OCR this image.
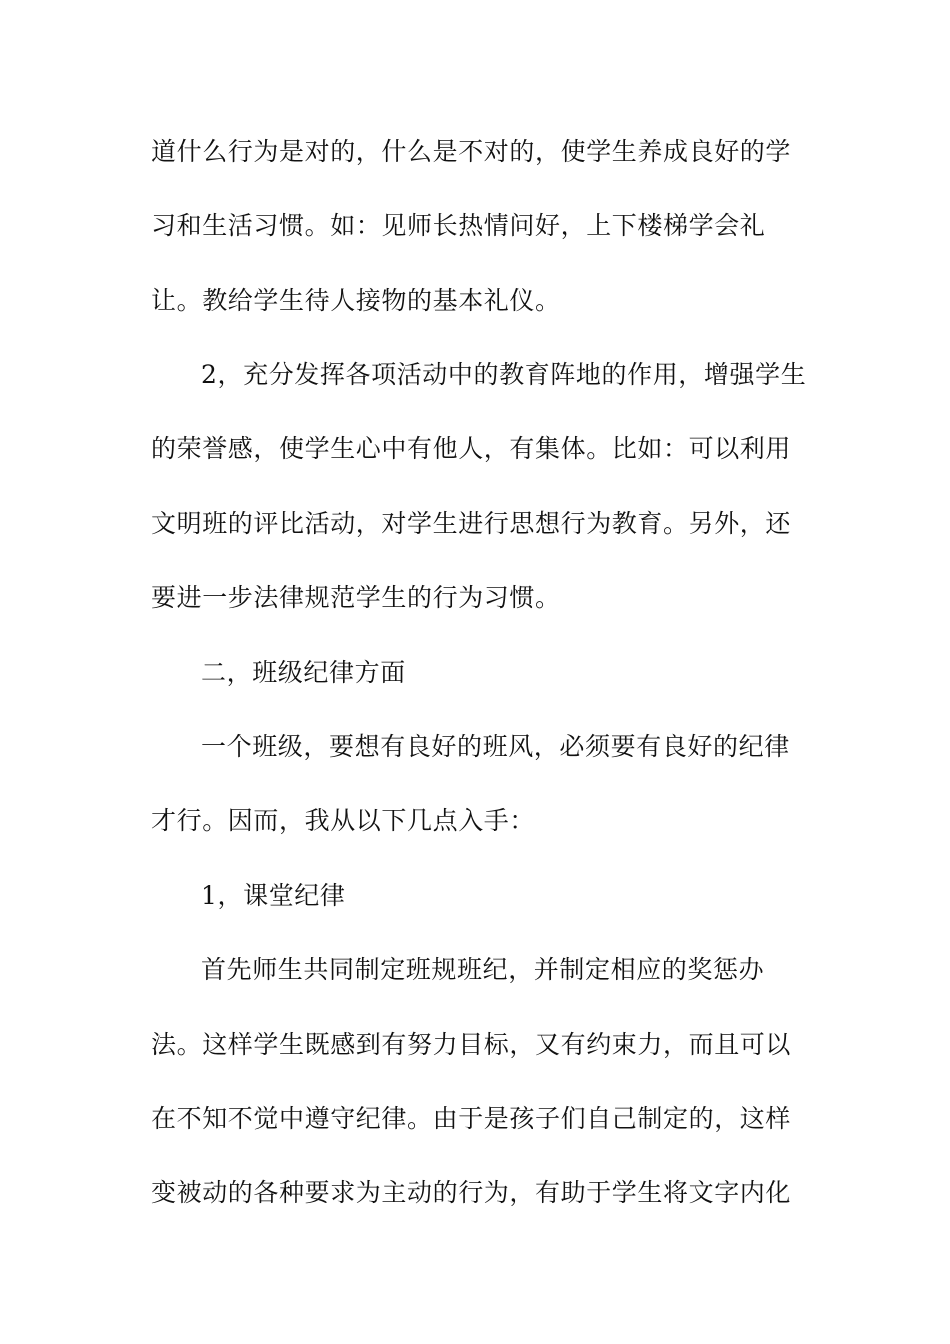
道什么行为是对的，什么是不对的，使学生养成良好的学
习和生活习惯。如：见师长热情问好，上下楼梯学会礼
让。教给学生待人接物的基本礼仪。
2，充分发挥各项活动中的教育阵地的作用，增强学生
的荣誉感，使学生心中有他人，有集体。比如：可以利用
文明班的评比活动，对学生进行思想行为教育。另外，还
要进一步法律规范学生的行为习惯。
二，班级纪律方面
一个班级，要想有良好的班风，必须要有良好的纪律
才行。因而，我从以下几点入手：
1，课堂纪律
首先师生共同制定班规班纪，并制定相应的奖惩办
法。这样学生既感到有努力目标，又有约束力，而且可以
在不知不觉中遵守纪律。由于是孩子们自己制定的，这样
变被动的各种要求为主动的行为，有助于学生将文字内化
